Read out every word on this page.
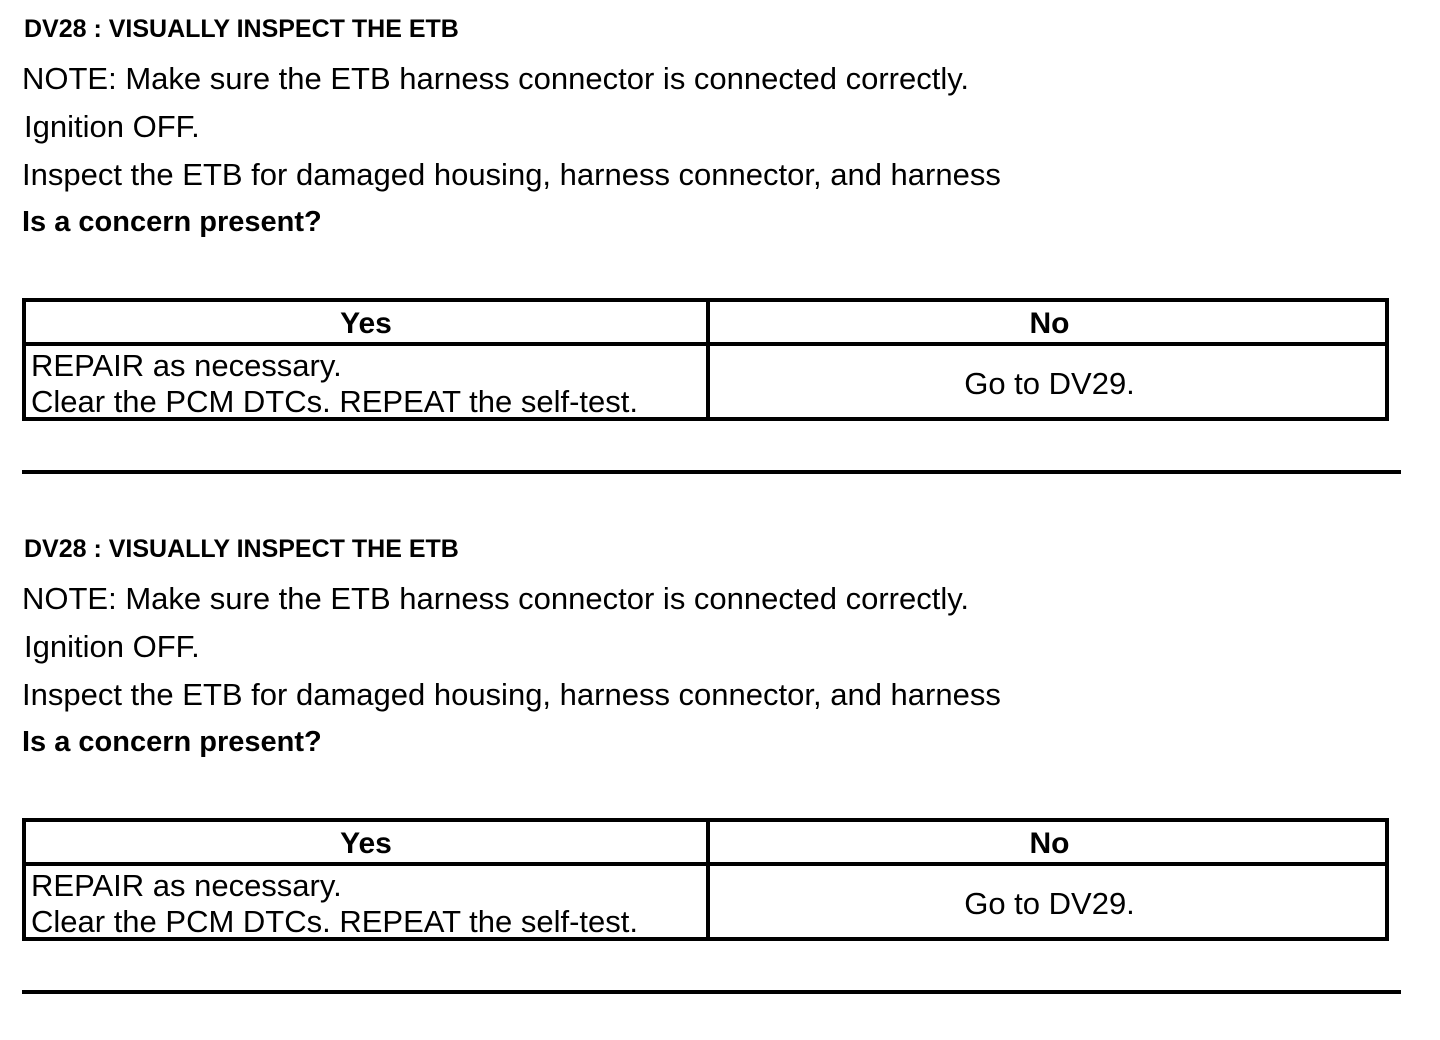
DV28 : VISUALLY INSPECT THE ETB
NOTE: Make sure the ETB harness connector is connected correctly.
Ignition OFF.
Inspect the ETB for damaged housing, harness connector, and harness
Is a concern present?
Yes	No
REPAIR as necessary.
Clear the PCM DTCs. REPEAT the self-test.
Go to DV29.
DV28 : VISUALLY INSPECT THE ETB
NOTE: Make sure the ETB harness connector is connected correctly.
Ignition OFF.
Inspect the ETB for damaged housing, harness connector, and harness
Is a concern present?
Yes	No
REPAIR as necessary.
Clear the PCM DTCs. REPEAT the self-test.
Go to DV29.
